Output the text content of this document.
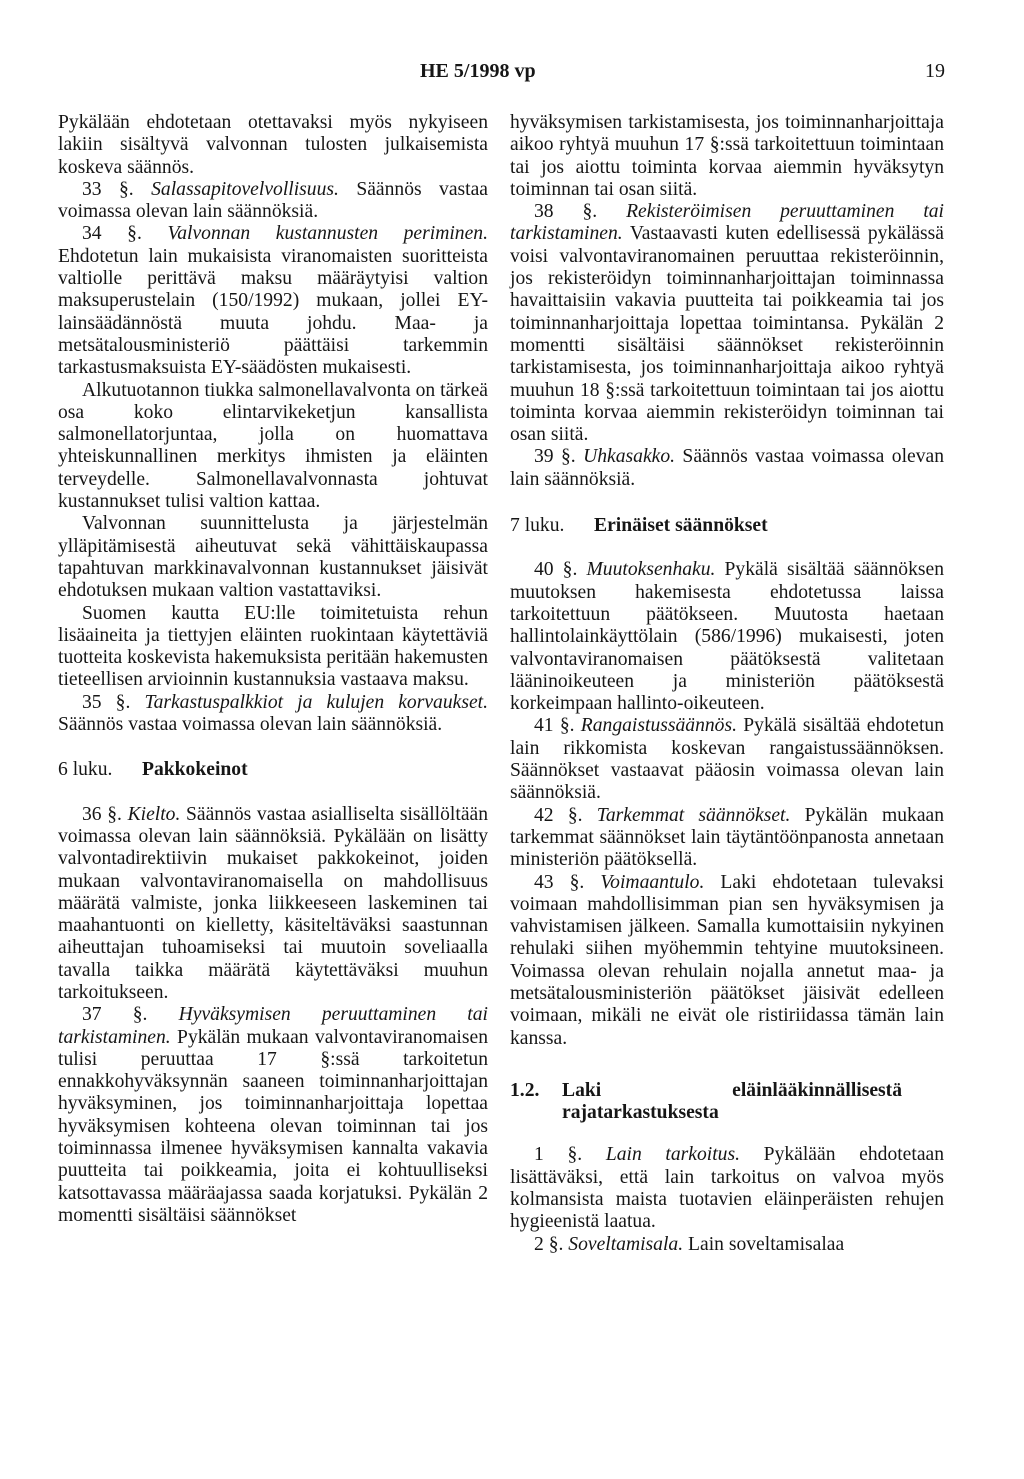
HE 5/1998 vp	19

Pykälään ehdotetaan otettavaksi myös nykyiseen lakiin sisältyvä valvonnan tulosten julkaisemista koskeva säännös.

33 §. Salassapitovelvollisuus. Säännös vastaa voimassa olevan lain säännöksiä.

34 §. Valvonnan kustannusten periminen. Ehdotetun lain mukaisista viranomaisten suoritteista valtiolle perittävä maksu määräytyisi valtion maksuperustelain (150/1992) mukaan, jollei EY-lainsäädännöstä muuta johdu. Maa- ja metsätalousministeriö päättäisi tarkemmin tarkastusmaksuista EY-säädösten mukaisesti.

Alkutuotannon tiukka salmonellavalvonta on tärkeä osa koko elintarvikeketjun kansallista salmonellatorjuntaa, jolla on huomattava yhteiskunnallinen merkitys ihmisten ja eläinten terveydelle. Salmonellavalvonnasta johtuvat kustannukset tulisi valtion kattaa.

Valvonnan suunnittelusta ja järjestelmän ylläpitämisestä aiheutuvat sekä vähittäiskaupassa tapahtuvan markkinavalvonnan kustannukset jäisivät ehdotuksen mukaan valtion vastattaviksi.

Suomen kautta EU:lle toimitetuista rehun lisäaineita ja tiettyjen eläinten ruokintaan käytettäviä tuotteita koskevista hakemuksista peritään hakemusten tieteellisen arvioinnin kustannuksia vastaava maksu.

35 §. Tarkastuspalkkiot ja kulujen korvaukset. Säännös vastaa voimassa olevan lain säännöksiä.

6 luku.	Pakkokeinot

36 §. Kielto. Säännös vastaa asialliselta sisällöltään voimassa olevan lain säännöksiä. Pykälään on lisätty valvontadirektiivin mukaiset pakkokeinot, joiden mukaan valvontaviranomaisella on mahdollisuus määrätä valmiste, jonka liikkeeseen laskeminen tai maahantuonti on kielletty, käsiteltäväksi saastunnan aiheuttajan tuhoamiseksi tai muutoin soveliaalla tavalla taikka määrätä käytettäväksi muuhun tarkoitukseen.

37 §. Hyväksymisen peruuttaminen tai tarkistaminen. Pykälän mukaan valvontaviranomaisen tulisi peruuttaa 17 §:ssä tarkoitetun ennakkohyväksynnän saaneen toiminnanharjoittajan hyväksyminen, jos toiminnanharjoittaja lopettaa hyväksymisen kohteena olevan toiminnan tai jos toiminnassa ilmenee hyväksymisen kannalta vakavia puutteita tai poikkeamia, joita ei kohtuulliseksi katsottavassa määräajassa saada korjatuksi. Pykälän 2 momentti sisältäisi säännökset

hyväksymisen tarkistamisesta, jos toiminnanharjoittaja aikoo ryhtyä muuhun 17 §:ssä tarkoitettuun toimintaan tai jos aiottu toiminta korvaa aiemmin hyväksytyn toiminnan tai osan siitä.

38 §. Rekisteröimisen peruuttaminen tai tarkistaminen. Vastaavasti kuten edellisessä pykälässä voisi valvontaviranomainen peruuttaa rekisteröinnin, jos rekisteröidyn toiminnanharjoittajan toiminnassa havaittaisiin vakavia puutteita tai poikkeamia tai jos toiminnanharjoittaja lopettaa toimintansa. Pykälän 2 momentti sisältäisi säännökset rekisteröinnin tarkistamisesta, jos toiminnanharjoittaja aikoo ryhtyä muuhun 18 §:ssä tarkoitettuun toimintaan tai jos aiottu toiminta korvaa aiemmin rekisteröidyn toiminnan tai osan siitä.

39 §. Uhkasakko. Säännös vastaa voimassa olevan lain säännöksiä.

7 luku.	Erinäiset säännökset

40 §. Muutoksenhaku. Pykälä sisältää säännöksen muutoksen hakemisesta ehdotetussa laissa tarkoitettuun päätökseen. Muutosta haetaan hallintolainkäyttölain (586/1996) mukaisesti, joten valvontaviranomaisen päätöksestä valitetaan lääninoikeuteen ja ministeriön päätöksestä korkeimpaan hallinto-oikeuteen.

41 §. Rangaistussäännös. Pykälä sisältää ehdotetun lain rikkomista koskevan rangaistussäännöksen. Säännökset vastaavat pääosin voimassa olevan lain säännöksiä.

42 §. Tarkemmat säännökset. Pykälän mukaan tarkemmat säännökset lain täytäntöönpanosta annetaan ministeriön päätöksellä.

43 §. Voimaantulo. Laki ehdotetaan tulevaksi voimaan mahdollisimman pian sen hyväksymisen ja vahvistamisen jälkeen. Samalla kumottaisiin nykyinen rehulaki siihen myöhemmin tehtyine muutoksineen. Voimassa olevan rehulain nojalla annetut maa- ja metsätalousministeriön päätökset jäisivät edelleen voimaan, mikäli ne eivät ole ristiriidassa tämän lain kanssa.

1.2.	Laki eläinlääkinnällisestä rajatarkastuksesta

1 §. Lain tarkoitus. Pykälään ehdotetaan lisättäväksi, että lain tarkoitus on valvoa myös kolmansista maista tuotavien eläinperäisten rehujen hygieenistä laatua.

2 §. Soveltamisala. Lain soveltamisalaa
